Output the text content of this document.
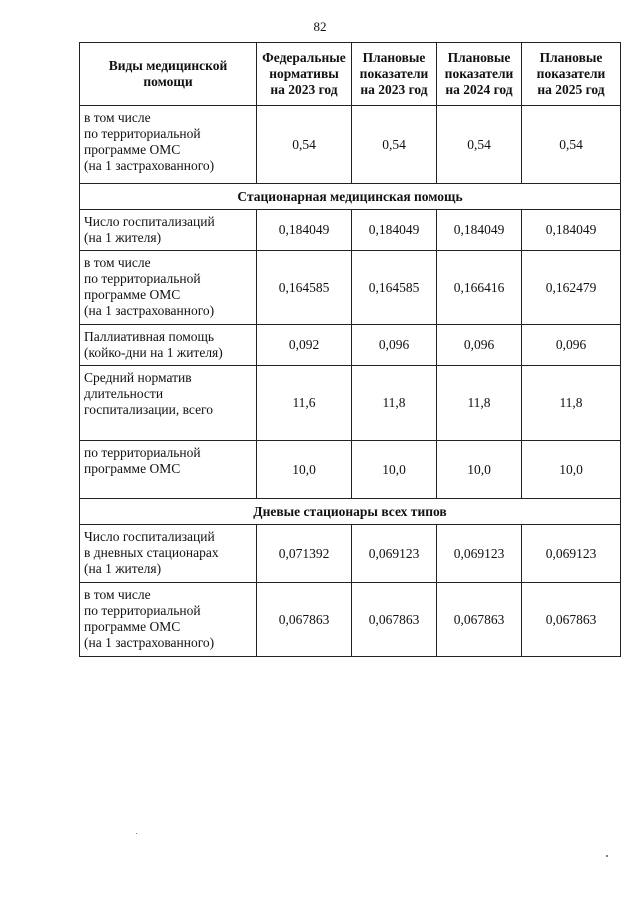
82
Виды медицинской
помощи	Федеральные
нормативы
на 2023 год	Плановые
показатели
на 2023 год	Плановые
показатели
на 2024 год	Плановые
показатели
на 2025 год
в том числе
по территориальной
программе ОМС
(на 1 застрахованного)	0,54	0,54	0,54	0,54
Стационарная медицинская помощь				
Число госпитализаций
(на 1 жителя)	0,184049	0,184049	0,184049	0,184049
в том числе
по территориальной
программе ОМС
(на 1 застрахованного)	0,164585	0,164585	0,166416	0,162479
Паллиативная помощь
(койко-дни на 1 жителя)	0,092	0,096	0,096	0,096
Средний норматив
длительности
госпитализации, всего	11,6	11,8	11,8	11,8
по территориальной
программе ОМС	10,0	10,0	10,0	10,0
Дневые стационары всех типов				
Число госпитализаций
в дневных стационарах
(на 1 жителя)	0,071392	0,069123	0,069123	0,069123
в том числе
по территориальной
программе ОМС
(на 1 застрахованного)	0,067863	0,067863	0,067863	0,067863
